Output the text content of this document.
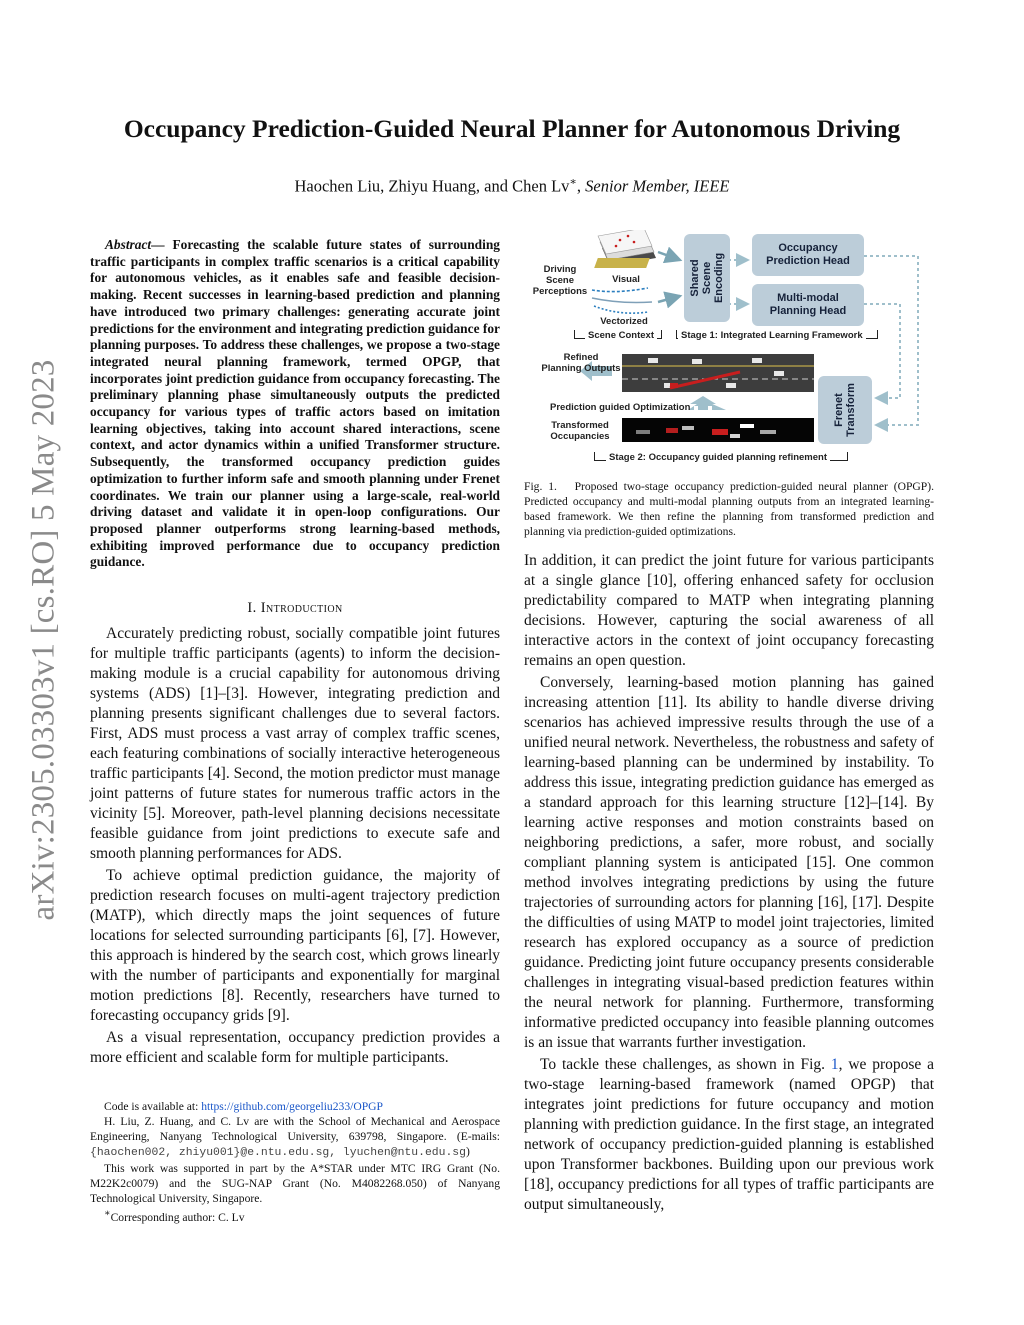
arXiv:2305.03303v1 [cs.RO] 5 May 2023
Occupancy Prediction-Guided Neural Planner for Autonomous Driving
Haochen Liu, Zhiyu Huang, and Chen Lv∗, Senior Member, IEEE
Abstract— Forecasting the scalable future states of surrounding traffic participants in complex traffic scenarios is a critical capability for autonomous vehicles, as it enables safe and feasible decision-making. Recent successes in learning-based prediction and planning have introduced two primary challenges: generating accurate joint predictions for the environment and integrating prediction guidance for planning purposes. To address these challenges, we propose a two-stage integrated neural planning framework, termed OPGP, that incorporates joint prediction guidance from occupancy forecasting. The preliminary planning phase simultaneously outputs the predicted occupancy for various types of traffic actors based on imitation learning objectives, taking into account shared interactions, scene context, and actor dynamics within a unified Transformer structure. Subsequently, the transformed occupancy prediction guides optimization to further inform safe and smooth planning under Frenet coordinates. We train our planner using a large-scale, real-world driving dataset and validate it in open-loop configurations. Our proposed planner outperforms strong learning-based methods, exhibiting improved performance due to occupancy prediction guidance.
I. Introduction

Accurately predicting robust, socially compatible joint futures for multiple traffic participants (agents) to inform the decision-making module is a crucial capability for autonomous driving systems (ADS) [1]–[3]. However, integrating prediction and planning presents significant challenges due to several factors. First, ADS must process a vast array of complex traffic scenes, each featuring combinations of socially interactive heterogeneous traffic participants [4]. Second, the motion predictor must manage joint patterns of future states for numerous traffic actors in the vicinity [5]. Moreover, path-level planning decisions necessitate feasible guidance from joint predictions to execute safe and smooth planning performances for ADS.

To achieve optimal prediction guidance, the majority of prediction research focuses on multi-agent trajectory prediction (MATP), which directly maps the joint sequences of future locations for selected surrounding participants [6], [7]. However, this approach is hindered by the search cost, which grows linearly with the number of participants and exponentially for marginal motion predictions [8]. Recently, researchers have turned to forecasting occupancy grids [9].

As a visual representation, occupancy prediction provides a more efficient and scalable form for multiple participants.

Code is available at: https://github.com/georgeliu233/OPGP

H. Liu, Z. Huang, and C. Lv are with the School of Mechanical and Aerospace Engineering, Nanyang Technological University, 639798, Singapore. (E-mails: {haochen002, zhiyu001}@e.ntu.edu.sg, lyuchen@ntu.edu.sg)

This work was supported in part by the A*STAR under MTC IRG Grant (No. M22K2c0079) and the SUG-NAP Grant (No. M4082268.050) of Nanyang Technological University, Singapore.

∗Corresponding author: C. Lv

Driving Scene Perceptions
Visual
Vectorized
Shared Scene
Encoding
Occupancy
Prediction Head
Multi-modal
Planning Head
Scene Context	Stage 1: Integrated Learning Framework
Refined
Planning Outputs
Prediction guided Optimization
Transformed
Occupancies
Frenet
Transform
Stage 2: Occupancy guided planning refinement
Fig. 1. Proposed two-stage occupancy prediction-guided neural planner (OPGP). Predicted occupancy and multi-modal planning outputs from an integrated learning-based framework. We then refine the planning from transformed prediction and planning via prediction-guided optimizations.

In addition, it can predict the joint future for various participants at a single glance [10], offering enhanced safety for occlusion predictability compared to MATP when integrating planning decisions. However, capturing the social awareness of all interactive actors in the context of joint occupancy forecasting remains an open question.

Conversely, learning-based motion planning has gained increasing attention [11]. Its ability to handle diverse driving scenarios has achieved impressive results through the use of a unified neural network. Nevertheless, the robustness and safety of learning-based planning can be undermined by instability. To address this issue, integrating prediction guidance has emerged as a standard approach for this learning structure [12]–[14]. By learning active responses and motion constraints based on neighboring predictions, a safer, more robust, and socially compliant planning system is anticipated [15]. One common method involves integrating predictions by using the future trajectories of surrounding actors for planning [16], [17]. Despite the difficulties of using MATP to model joint trajectories, limited research has explored occupancy as a source of prediction guidance. Predicting joint future occupancy presents considerable challenges in integrating visual-based prediction features within the neural network for planning. Furthermore, transforming informative predicted occupancy into feasible planning outcomes is an issue that warrants further investigation.

To tackle these challenges, as shown in Fig. 1, we propose a two-stage learning-based framework (named OPGP) that integrates joint predictions for future occupancy and motion planning with prediction guidance. In the first stage, an integrated network of occupancy prediction-guided planning is established upon Transformer backbones. Building upon our previous work [18], occupancy predictions for all types of traffic participants are output simultaneously,
